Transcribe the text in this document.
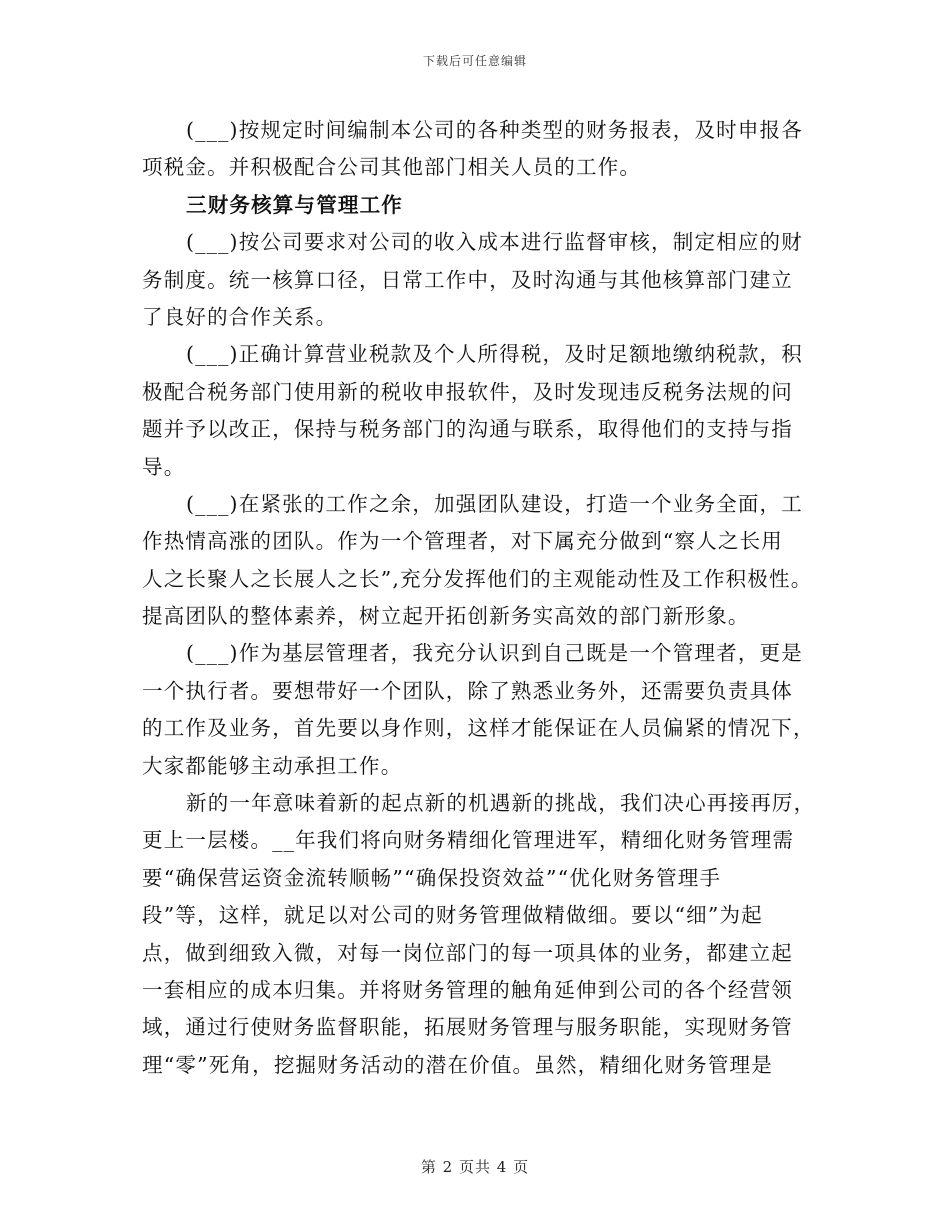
下载后可任意编辑
(___)按规定时间编制本公司的各种类型的财务报表，及时申报各
项税金。并积极配合公司其他部门相关人员的工作。
三财务核算与管理工作
(___)按公司要求对公司的收入成本进行监督审核，制定相应的财
务制度。统一核算口径，日常工作中，及时沟通与其他核算部门建立
了良好的合作关系。
(___)正确计算营业税款及个人所得税，及时足额地缴纳税款，积
极配合税务部门使用新的税收申报软件，及时发现违反税务法规的问
题并予以改正，保持与税务部门的沟通与联系，取得他们的支持与指
导。
(___)在紧张的工作之余，加强团队建设，打造一个业务全面，工
作热情高涨的团队。作为一个管理者，对下属充分做到“察人之长用
人之长聚人之长展人之长”,充分发挥他们的主观能动性及工作积极性。
提高团队的整体素养，树立起开拓创新务实高效的部门新形象。
(___)作为基层管理者，我充分认识到自己既是一个管理者，更是
一个执行者。要想带好一个团队，除了熟悉业务外，还需要负责具体
的工作及业务，首先要以身作则，这样才能保证在人员偏紧的情况下，
大家都能够主动承担工作。
新的一年意味着新的起点新的机遇新的挑战，我们决心再接再厉，
更上一层楼。__年我们将向财务精细化管理进军，精细化财务管理需
要“确保营运资金流转顺畅”“确保投资效益”“优化财务管理手
段”等，这样，就足以对公司的财务管理做精做细。要以“细”为起
点，做到细致入微，对每一岗位部门的每一项具体的业务，都建立起
一套相应的成本归集。并将财务管理的触角延伸到公司的各个经营领
域，通过行使财务监督职能，拓展财务管理与服务职能，实现财务管
理“零”死角，挖掘财务活动的潜在价值。虽然，精细化财务管理是
第 2 页共 4 页
